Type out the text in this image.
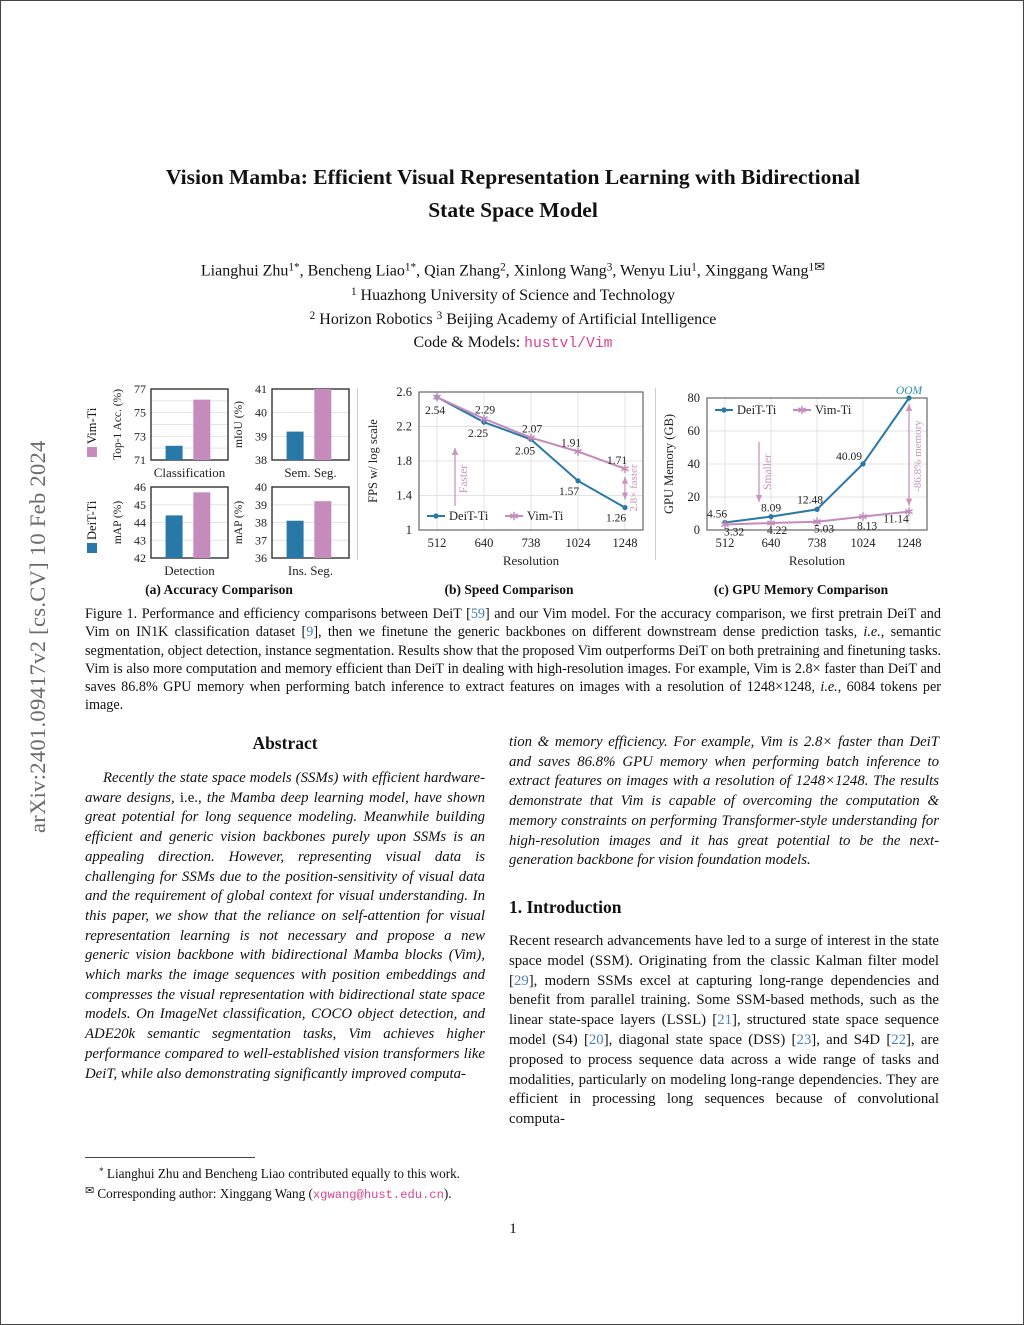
arXiv:2401.09417v2 [cs.CV] 10 Feb 2024
Vision Mamba: Efficient Visual Representation Learning with Bidirectional
State Space Model
Lianghui Zhu$^{1*}$, Bencheng Liao$^{1*}$, Qian Zhang$^2$, Xinlong Wang$^3$, Wenyu Liu$^1$, Xinggang Wang$^{1✉}$
$^1$ Huazhong University of Science and Technology
$^2$ Horizon Robotics $^3$ Beijing Academy of Artificial Intelligence
Code & Models: hustvl/Vim
Vim-Ti
DeiT-Ti
71
73
75
77
Top-1 Acc. (%)
Classification
38
39
40
41
mIoU (%)
Sem. Seg.
42
43
44
45
46
mAP (%)
Detection
36
37
38
39
40
mAP (%)
Ins. Seg.
(a) Accuracy Comparison
1
1.4
1.8
2.2
2.6
512 640 738 1024 1248
Resolution
FPS w/ log scale	2.25
2.05
1.57
1.26
2.54	2.29
2.07
1.91
1.71
DeiT-Ti	Vim-Ti
Faster	2.8× faster
(b) Speed Comparison
0
20
40
60
80
512 640 738 1024 1248
Resolution
GPU Memory (GB)
4.56	8.09
12.48
40.09
3.32 4.22 5.03 8.13
11.14
DeiT-Ti	Vim-Ti
OOM
Smaller	-86.8% memory
(c) GPU Memory Comparison
Figure 1. Performance and efficiency comparisons between DeiT [59] and our Vim model. For the accuracy comparison, we first pretrain DeiT and Vim on IN1K classification dataset [9], then we finetune the generic backbones on different downstream dense prediction tasks, i.e., semantic segmentation, object detection, instance segmentation. Results show that the proposed Vim outperforms DeiT on both pretraining and finetuning tasks. Vim is also more computation and memory efficient than DeiT in dealing with high-resolution images. For example, Vim is 2.8× faster than DeiT and saves 86.8% GPU memory when performing batch inference to extract features on images with a resolution of 1248×1248, i.e., 6084 tokens per image.
Abstract

Recently the state space models (SSMs) with efficient hardware-aware designs, i.e., the Mamba deep learning model, have shown great potential for long sequence modeling. Meanwhile building efficient and generic vision backbones purely upon SSMs is an appealing direction. However, representing visual data is challenging for SSMs due to the position-sensitivity of visual data and the requirement of global context for visual understanding. In this paper, we show that the reliance on self-attention for visual representation learning is not necessary and propose a new generic vision backbone with bidirectional Mamba blocks (Vim), which marks the image sequences with position embeddings and compresses the visual representation with bidirectional state space models. On ImageNet classification, COCO object detection, and ADE20k semantic segmentation tasks, Vim achieves higher performance compared to well-established vision transformers like DeiT, while also demonstrating significantly improved computa-

* Lianghui Zhu and Bencheng Liao contributed equally to this work.
✉ Corresponding author: Xinggang Wang (xgwang@hust.edu.cn).

tion & memory efficiency. For example, Vim is 2.8× faster than DeiT and saves 86.8% GPU memory when performing batch inference to extract features on images with a resolution of 1248×1248. The results demonstrate that Vim is capable of overcoming the computation & memory constraints on performing Transformer-style understanding for high-resolution images and it has great potential to be the next-generation backbone for vision foundation models.

1. Introduction

Recent research advancements have led to a surge of interest in the state space model (SSM). Originating from the classic Kalman filter model [29], modern SSMs excel at capturing long-range dependencies and benefit from parallel training. Some SSM-based methods, such as the linear state-space layers (LSSL) [21], structured state space sequence model (S4) [20], diagonal state space (DSS) [23], and S4D [22], are proposed to process sequence data across a wide range of tasks and modalities, particularly on modeling long-range dependencies. They are efficient in processing long sequences because of convolutional computa-

1
